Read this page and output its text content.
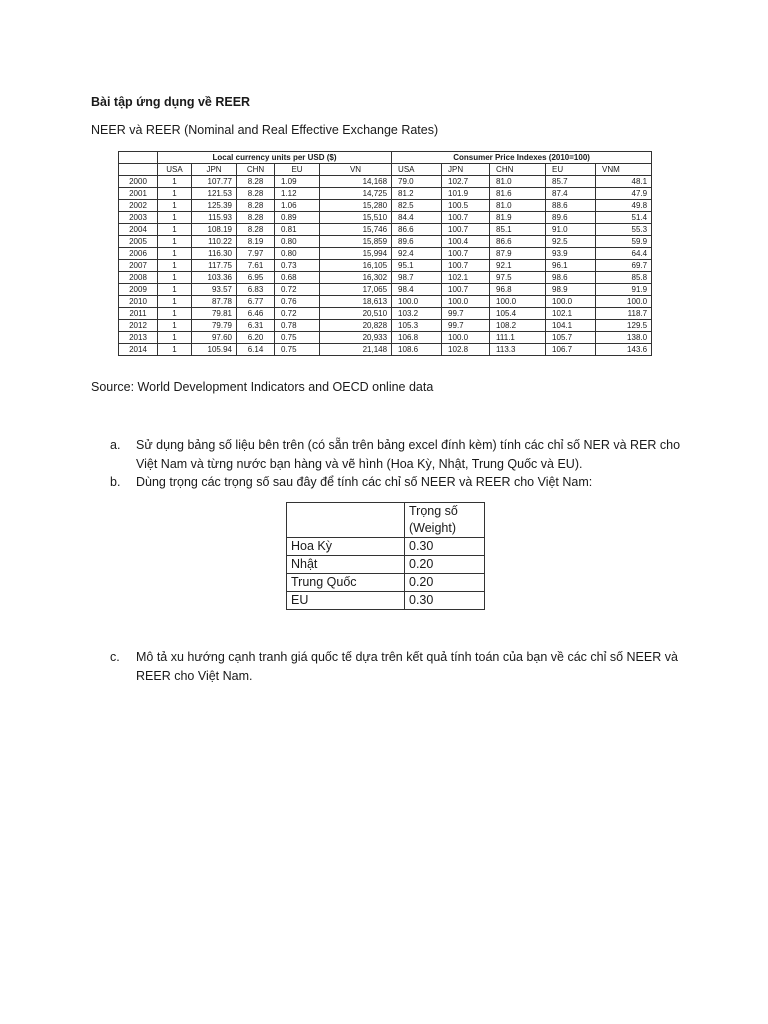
Bài tập ứng dụng về REER

NEER và REER (Nominal and Real Effective Exchange Rates)

	Local currency units per USD ($)					Consumer Price Indexes (2010=100)				
	USA	JPN	CHN	EU	VN	USA	JPN	CHN	EU	VNM
2000	1	107.77	8.28	1.09	14,168	79.0	102.7	81.0	85.7	48.1
2001	1	121.53	8.28	1.12	14,725	81.2	101.9	81.6	87.4	47.9
2002	1	125.39	8.28	1.06	15,280	82.5	100.5	81.0	88.6	49.8
2003	1	115.93	8.28	0.89	15,510	84.4	100.7	81.9	89.6	51.4
2004	1	108.19	8.28	0.81	15,746	86.6	100.7	85.1	91.0	55.3
2005	1	110.22	8.19	0.80	15,859	89.6	100.4	86.6	92.5	59.9
2006	1	116.30	7.97	0.80	15,994	92.4	100.7	87.9	93.9	64.4
2007	1	117.75	7.61	0.73	16,105	95.1	100.7	92.1	96.1	69.7
2008	1	103.36	6.95	0.68	16,302	98.7	102.1	97.5	98.6	85.8
2009	1	93.57	6.83	0.72	17,065	98.4	100.7	96.8	98.9	91.9
2010	1	87.78	6.77	0.76	18,613	100.0	100.0	100.0	100.0	100.0
2011	1	79.81	6.46	0.72	20,510	103.2	99.7	105.4	102.1	118.7
2012	1	79.79	6.31	0.78	20,828	105.3	99.7	108.2	104.1	129.5
2013	1	97.60	6.20	0.75	20,933	106.8	100.0	111.1	105.7	138.0
2014	1	105.94	6.14	0.75	21,148	108.6	102.8	113.3	106.7	143.6

Source: World Development Indicators and OECD online data

a. Sử dụng bảng số liệu bên trên (có sẵn trên bảng excel đính kèm) tính các chỉ số NER và RER cho Việt Nam và từng nước bạn hàng và vẽ hình (Hoa Kỳ, Nhật, Trung Quốc và EU).
b. Dùng trọng các trọng số sau đây để tính các chỉ số NEER và REER cho Việt Nam:
	Trọng số (Weight)
Hoa Kỳ	0.30
Nhật	0.20
Trung Quốc	0.20
EU	0.30
c. Mô tả xu hướng cạnh tranh giá quốc tế dựa trên kết quả tính toán của bạn về các chỉ số NEER và REER cho Việt Nam.
